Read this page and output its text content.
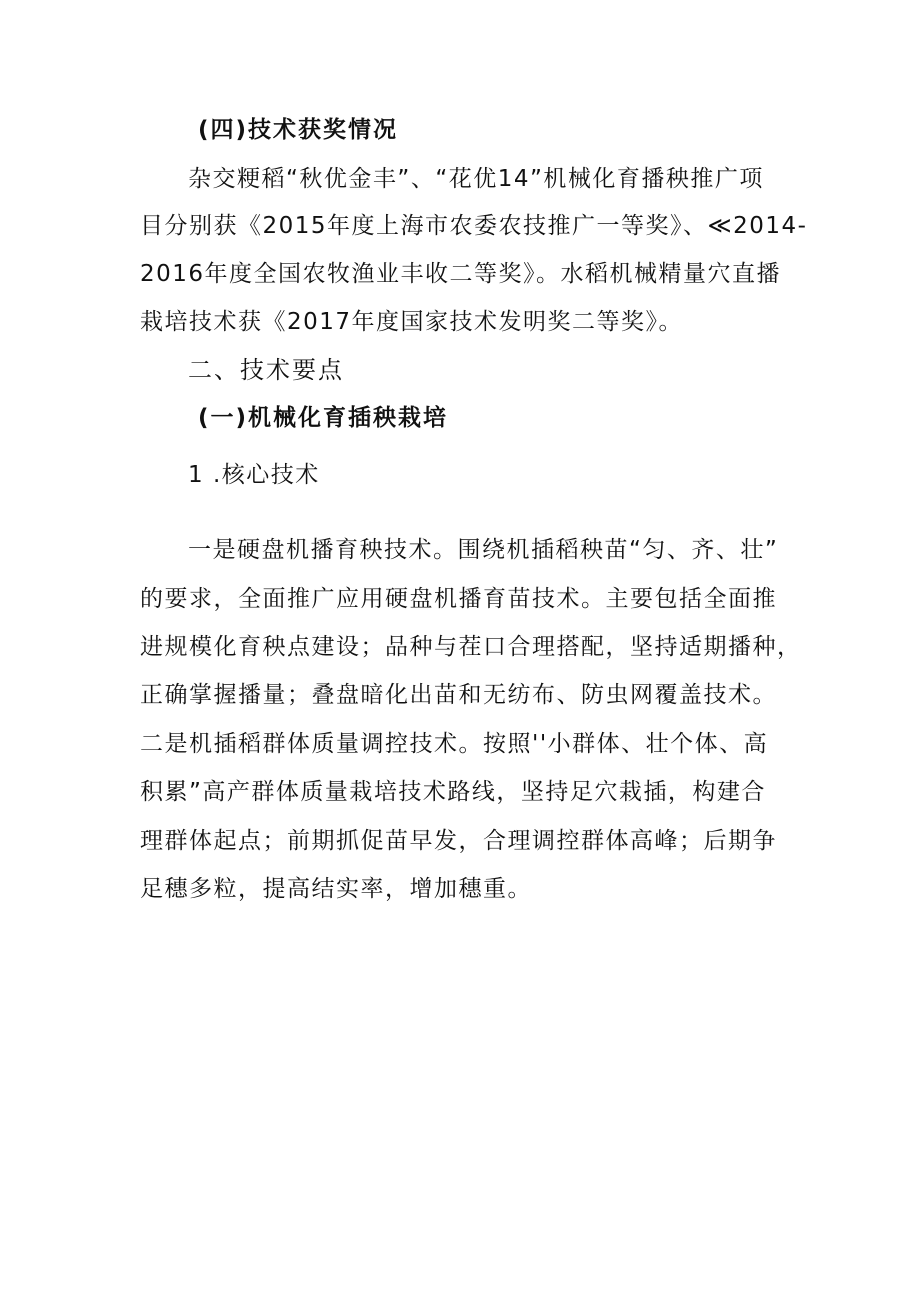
(四)技术获奖情况
杂交粳稻“秋优金丰”、“花优14”机械化育播秧推广项
目分别获《2015年度上海市农委农技推广一等奖》、≪2014-
2016年度全国农牧渔业丰收二等奖》。水稻机械精量穴直播
栽培技术获《2017年度国家技术发明奖二等奖》。
二、技术要点
(一)机械化育插秧栽培
1 .核心技术
一是硬盘机播育秧技术。围绕机插稻秧苗“匀、齐、壮”
的要求，全面推广应用硬盘机播育苗技术。主要包括全面推
进规模化育秧点建设；品种与茬口合理搭配，坚持适期播种，
正确掌握播量；叠盘暗化出苗和无纺布、防虫网覆盖技术。
二是机插稻群体质量调控技术。按照''小群体、壮个体、高
积累”高产群体质量栽培技术路线，坚持足穴栽插，构建合
理群体起点；前期抓促苗早发，合理调控群体高峰；后期争
足穗多粒，提高结实率，增加穗重。
